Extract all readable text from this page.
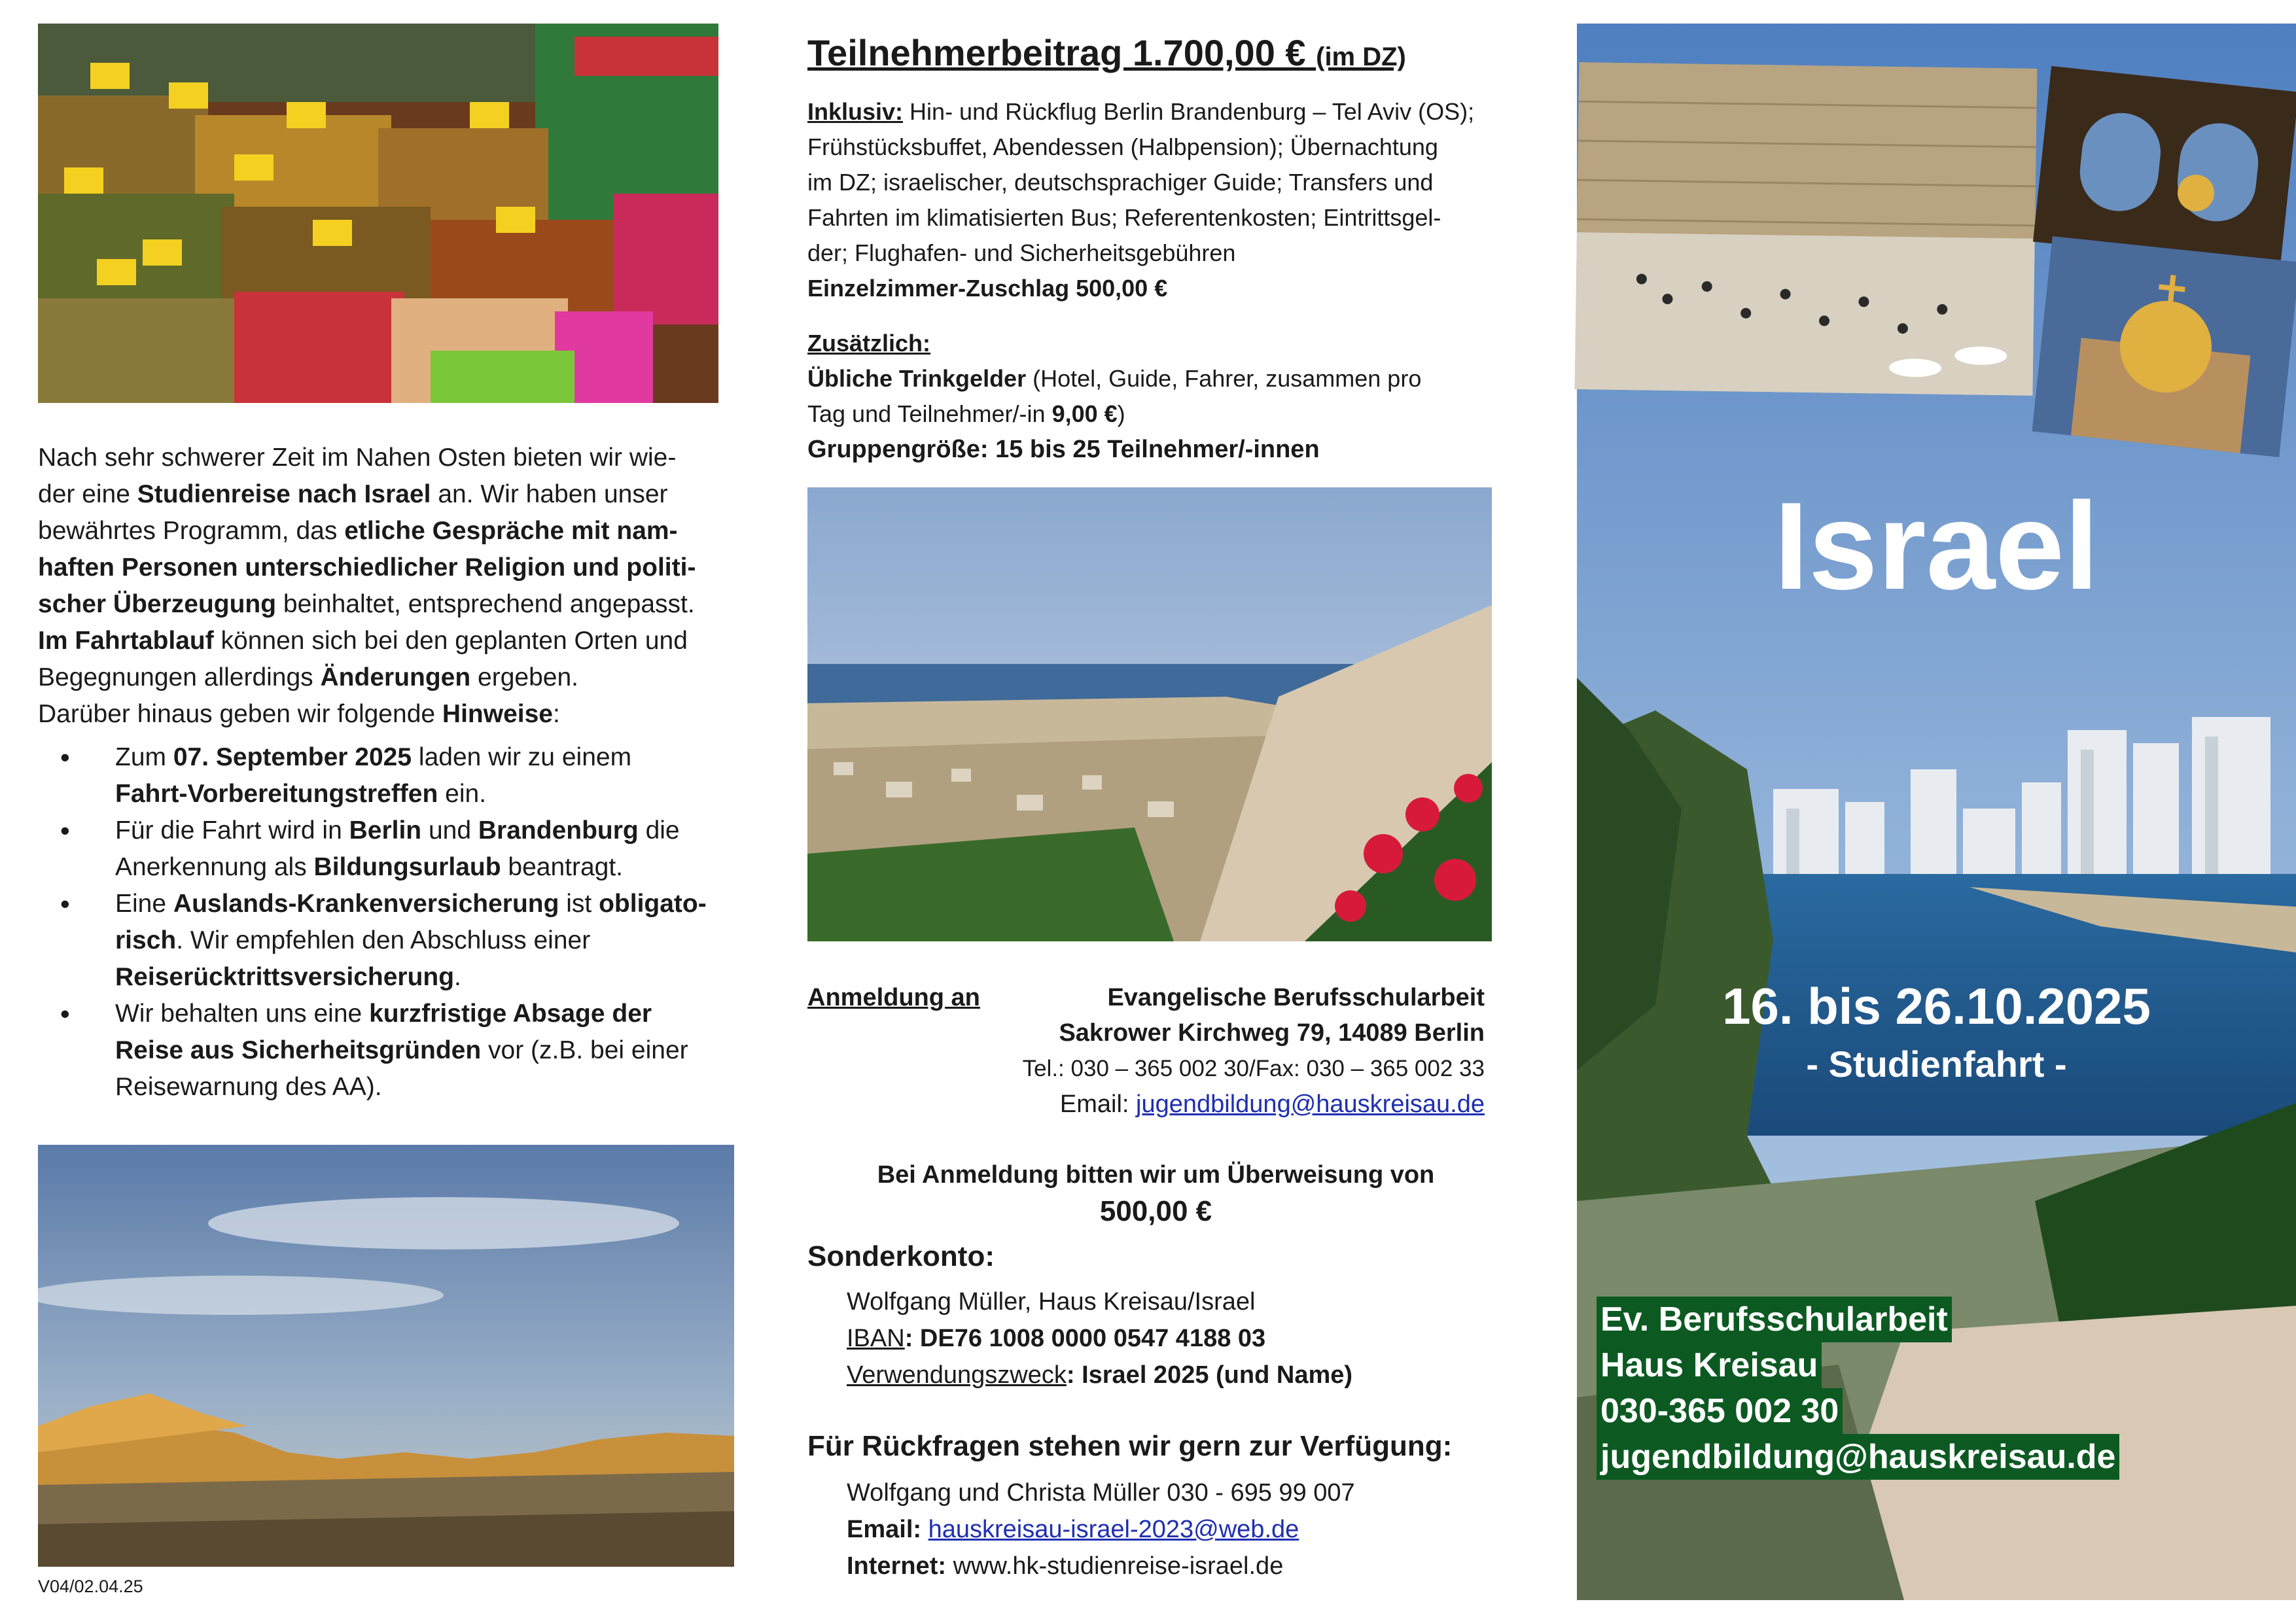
Nach sehr schwerer Zeit im Nahen Osten bieten wir wie-
der eine Studienreise nach Israel an. Wir haben unser
bewährtes Programm, das etliche Gespräche mit nam-
haften Personen unterschiedlicher Religion und politi-
scher Überzeugung beinhaltet, entsprechend angepasst.
Im Fahrtablauf können sich bei den geplanten Orten und
Begegnungen allerdings Änderungen ergeben.
Darüber hinaus geben wir folgende Hinweise:

• Zum 07. September 2025 laden wir zu einem
Fahrt-Vorbereitungstreffen ein.
• Für die Fahrt wird in Berlin und Brandenburg die
Anerkennung als Bildungsurlaub beantragt.
• Eine Auslands-Krankenversicherung ist obligato-
risch. Wir empfehlen den Abschluss einer
Reiserücktrittsversicherung.
• Wir behalten uns eine kurzfristige Absage der
Reise aus Sicherheitsgründen vor (z.B. bei einer
Reisewarnung des AA).
V04/02.04.25
Teilnehmerbeitrag 1.700,00 € (im DZ)

Inklusiv: Hin- und Rückflug Berlin Brandenburg – Tel Aviv (OS);
Frühstücksbuffet, Abendessen (Halbpension); Übernachtung
im DZ; israelischer, deutschsprachiger Guide; Transfers und
Fahrten im klimatisierten Bus; Referentenkosten; Eintrittsgel-
der; Flughafen- und Sicherheitsgebühren
Einzelzimmer-Zuschlag 500,00 €

Zusätzlich:
Übliche Trinkgelder (Hotel, Guide, Fahrer, zusammen pro
Tag und Teilnehmer/-in 9,00 €)
Gruppengröße: 15 bis 25 Teilnehmer/-innen

Anmeldung an	Evangelische Berufsschularbeit
Sakrower Kirchweg 79, 14089 Berlin
Tel.: 030 – 365 002 30/Fax: 030 – 365 002 33
Email: jugendbildung@hauskreisau.de
Bei Anmeldung bitten wir um Überweisung von
500,00 €
Sonderkonto:
Wolfgang Müller, Haus Kreisau/Israel
IBAN: DE76 1008 0000 0547 4188 03
Verwendungszweck: Israel 2025 (und Name)
Für Rückfragen stehen wir gern zur Verfügung:
Wolfgang und Christa Müller 030 - 695 99 007
Email: hauskreisau-israel-2023@web.de
Internet: www.hk-studienreise-israel.de
Israel
16. bis 26.10.2025
- Studienfahrt -
Ev. Berufsschularbeit
Haus Kreisau
030-365 002 30
jugendbildung@hauskreisau.de
